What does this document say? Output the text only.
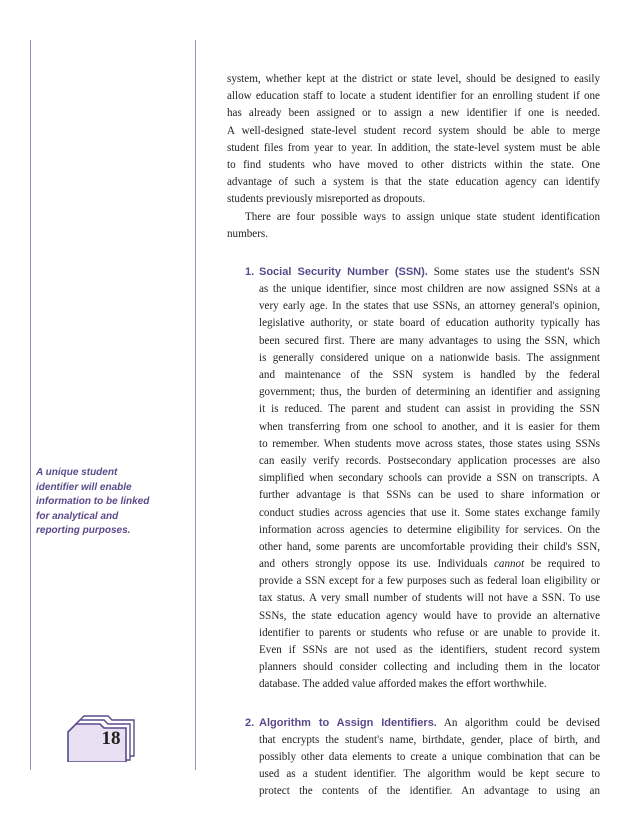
A unique student
identifier will enable
information to be linked
for analytical and
reporting purposes.
18
system, whether kept at the district or state level, should be designed to easily
allow education staff to locate a student identifier for an enrolling student if one
has already been assigned or to assign a new identifier if one is needed.
A well-designed state-level student record system should be able to merge
student files from year to year. In addition, the state-level system must be able
to find students who have moved to other districts within the state. One
advantage of such a system is that the state education agency can identify
students previously misreported as dropouts.
There are four possible ways to assign unique state student identification
numbers.
1. Social Security Number (SSN). Some states use the student's SSN
as the unique identifier, since most children are now assigned SSNs at a
very early age. In the states that use SSNs, an attorney general's opinion,
legislative authority, or state board of education authority typically has
been secured first. There are many advantages to using the SSN, which
is generally considered unique on a nationwide basis. The assignment
and maintenance of the SSN system is handled by the federal
government; thus, the burden of determining an identifier and assigning
it is reduced. The parent and student can assist in providing the SSN
when transferring from one school to another, and it is easier for them
to remember. When students move across states, those states using SSNs
can easily verify records. Postsecondary application processes are also
simplified when secondary schools can provide a SSN on transcripts. A
further advantage is that SSNs can be used to share information or
conduct studies across agencies that use it. Some states exchange family
information across agencies to determine eligibility for services. On the
other hand, some parents are uncomfortable providing their child's SSN,
and others strongly oppose its use. Individuals cannot be required to
provide a SSN except for a few purposes such as federal loan eligibility or
tax status. A very small number of students will not have a SSN. To use
SSNs, the state education agency would have to provide an alternative
identifier to parents or students who refuse or are unable to provide it.
Even if SSNs are not used as the identifiers, student record system
planners should consider collecting and including them in the locator
database. The added value afforded makes the effort worthwhile.
2. Algorithm to Assign Identifiers. An algorithm could be devised
that encrypts the student's name, birthdate, gender, place of birth, and
possibly other data elements to create a unique combination that can be
used as a student identifier. The algorithm would be kept secure to
protect the contents of the identifier. An advantage to using an
